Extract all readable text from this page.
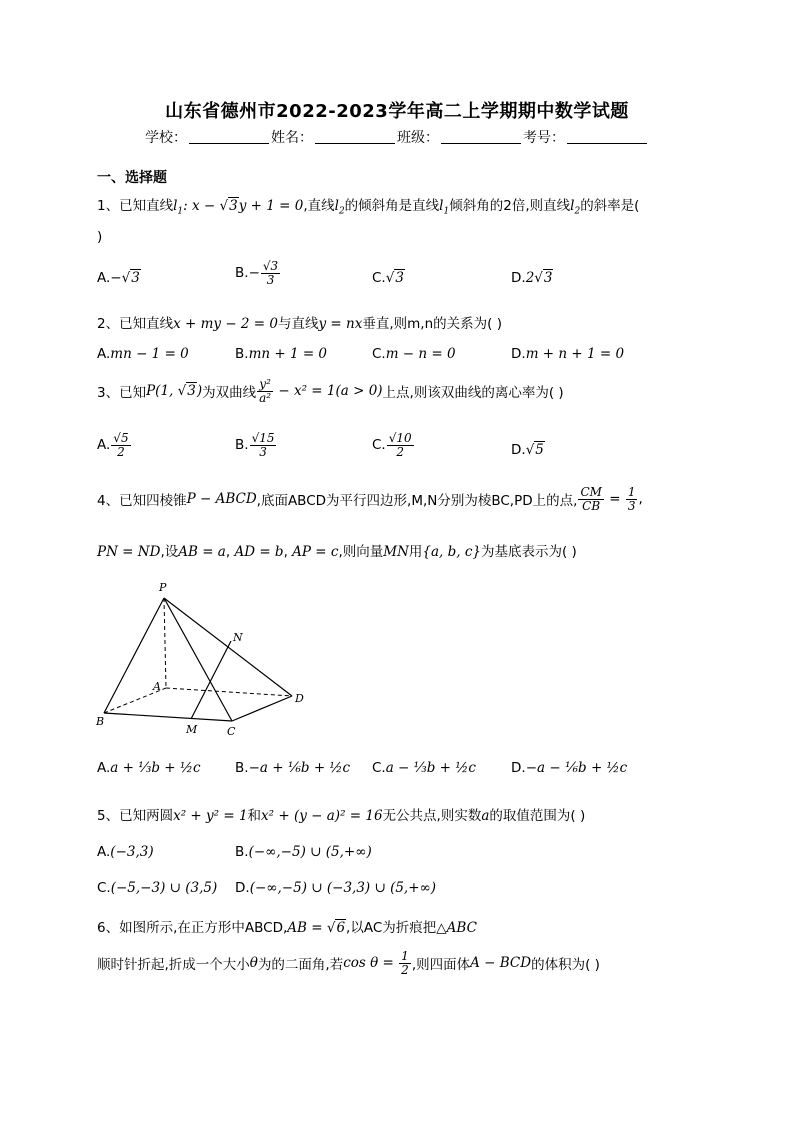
山东省德州市2022-2023学年高二上学期期中数学试题
学校：	姓名：	班级：	考号：
一、选择题
1、已知直线$l_1$: x − √3y + 1 = 0,直线$l_2$的倾斜角是直线$l_1$倾斜角的2倍,则直线$l_2$的斜率是(
)
A.−√3	$B.- \frac{√3}{3}$	C.√3	D.2√3
2、已知直线x + my − 2 = 0与直线y = nx垂直,则m,n的关系为( )
A.mn − 1 = 0	B.mn + 1 = 0	C.m − n = 0	D.m + n + 1 = 0
3、已知P(1, √3)为双曲线 $\frac{\text{y²}}{\text{a²}} - x^2 = 1(a > 0)$上点,则该双曲线的离心率为( )
A. $\frac{√5}{2}$	B. $\frac{√15}{3}$	C. $\frac{√10}{2}$	D.√5
4、已知四棱锥P − ABCD,底面ABCD为平行四边形,M,N分别为棱BC,PD上的点, $\frac{CM}{CB} = \frac{1}{3}$ ,
PN = ND,设AB = a, AD = b, AP = c,则向量MN用{a, b, c}为基底表示为( )
P
N
A
D
B
M	C
A.a + ⅓b + ½c	B.−a + ⅙b + ½c C.a − ⅓b + ½c	D.−a − ⅙b + ½c
5、已知两圆x² + y² = 1和x² + (y − a)² = 16无公共点,则实数a的取值范围为( )
A.(−3,3)	B.(−∞,−5) ∪ (5,+∞)
C.(−5,−3) ∪ (3,5) D.(−∞,−5) ∪ (−3,3) ∪ (5,+∞)
6、如图所示,在正方形中ABCD,AB = √6,以AC为折痕把△ABC
顺时针折起,折成一个大小θ为的二面角,若$\cos \theta = \frac{1}{2}$ ,则四面体A − BCD的体积为( )
